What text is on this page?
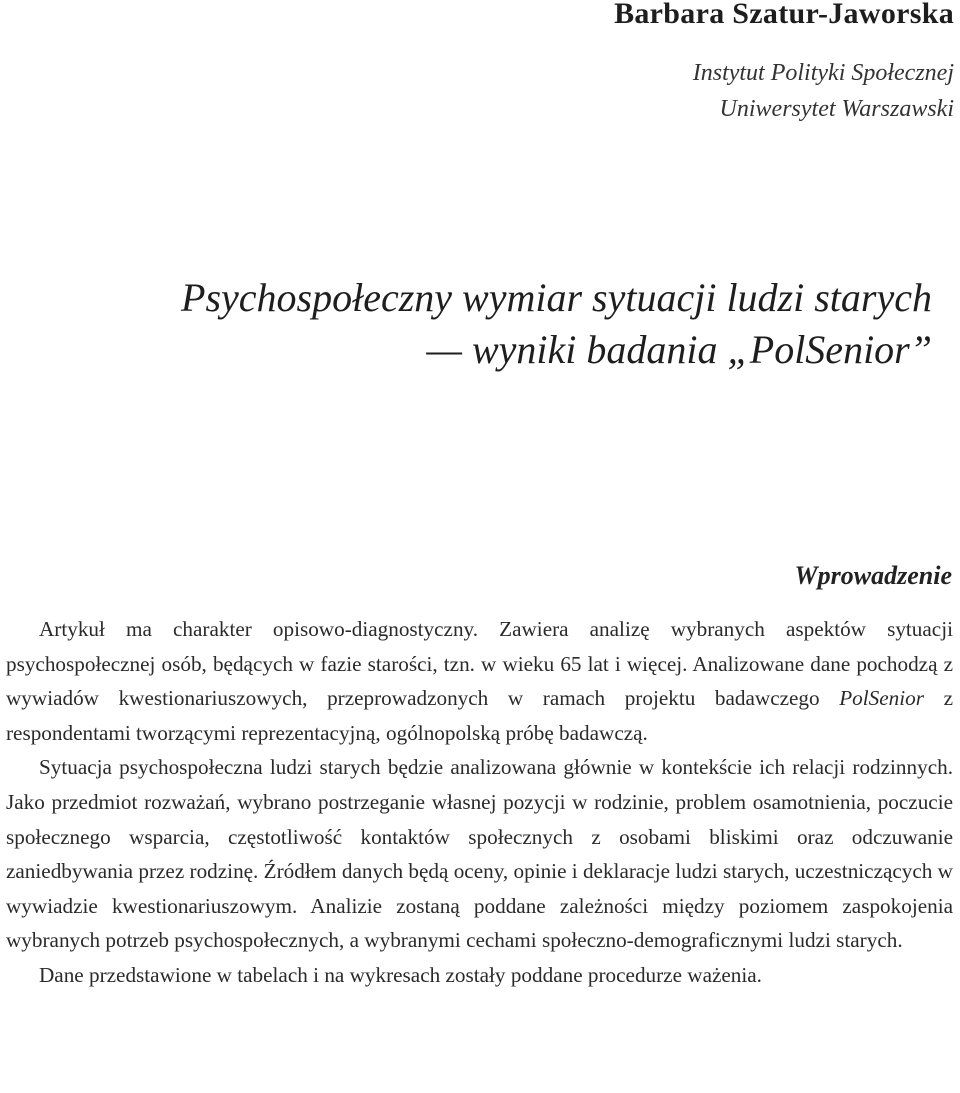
Barbara Szatur-Jaworska
Instytut Polityki Społecznej
Uniwersytet Warszawski
Psychospołeczny wymiar sytuacji ludzi starych
— wyniki badania „PolSenior”
Wprowadzenie

Artykuł ma charakter opisowo-diagnostyczny. Zawiera analizę wybranych aspektów sytuacji psychospołecznej osób, będących w fazie starości, tzn. w wieku 65 lat i więcej. Analizowane dane pochodzą z wywiadów kwestionariuszowych, przeprowadzonych w ramach projektu badawczego PolSenior z respondentami tworzącymi reprezentacyjną, ogólnopolską próbę badawczą.

Sytuacja psychospołeczna ludzi starych będzie analizowana głównie w kontekście ich relacji rodzinnych. Jako przedmiot rozważań, wybrano postrzeganie własnej pozycji w rodzinie, problem osamotnienia, poczucie społecznego wsparcia, częstotliwość kontaktów społecznych z osobami bliskimi oraz odczuwanie zaniedbywania przez rodzinę. Źródłem danych będą oceny, opinie i deklaracje ludzi starych, uczestniczących w wywiadzie kwestionariuszowym. Analizie zostaną poddane zależności między poziomem zaspokojenia wybranych potrzeb psychospołecznych, a wybranymi cechami społeczno-demograficznymi ludzi starych.

Dane przedstawione w tabelach i na wykresach zostały poddane procedurze ważenia.
